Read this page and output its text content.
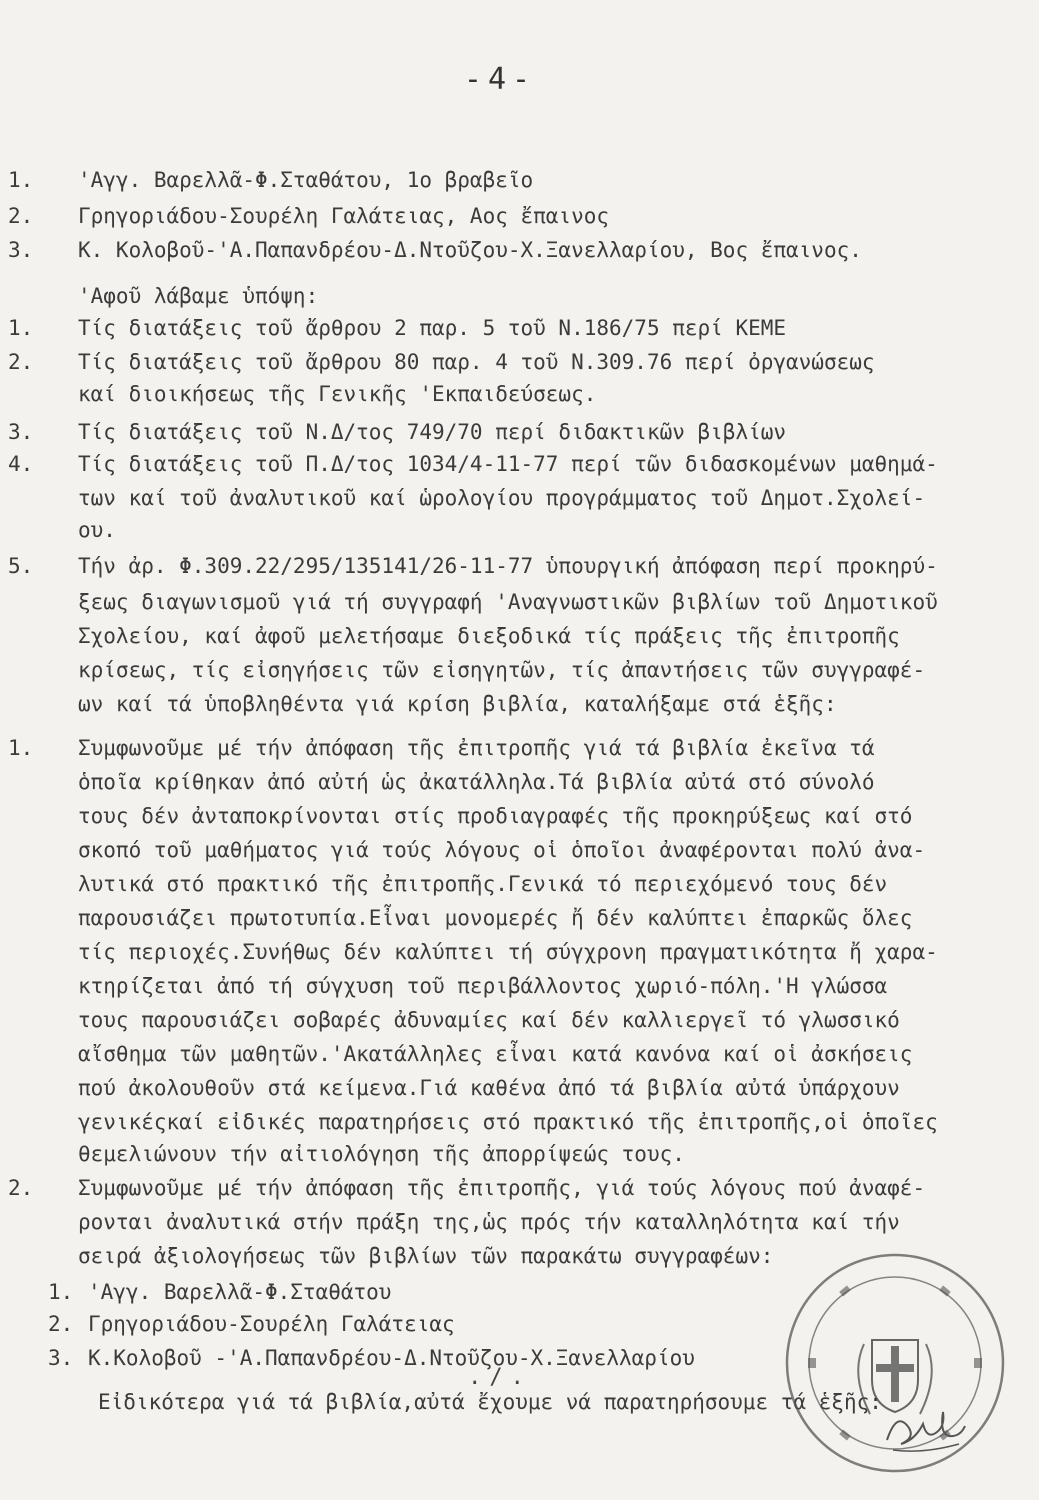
-4-
1. 'Αγγ. Βαρελλᾶ-Φ.Σταθάτου, 1ο βραβεῖο
2. Γρηγοριάδου-Σουρέλη Γαλάτειας, Αος ἔπαινος
3. Κ. Κολοβοῦ-'Α.Παπανδρέου-Δ.Ντοῦζου-Χ.Ξανελλαρίου, Βος ἔπαινος.
'Αφοῦ λάβαμε ὑπόψη:
1. Τίς διατάξεις τοῦ ἄρθρου 2 παρ. 5 τοῦ Ν.186/75 περί ΚΕΜΕ
2. Τίς διατάξεις τοῦ ἄρθρου 80 παρ. 4 τοῦ Ν.309.76 περί ὀργανώσεως
καί διοικήσεως τῆς Γενικῆς 'Εκπαιδεύσεως.
3. Τίς διατάξεις τοῦ Ν.Δ/τος 749/70 περί διδακτικῶν βιβλίων
4. Τίς διατάξεις τοῦ Π.Δ/τος 1034/4-11-77 περί τῶν διδασκομένων μαθημά-
των καί τοῦ ἀναλυτικοῦ καί ὡρολογίου προγράμματος τοῦ Δημοτ.Σχολεί-
ου.
5. Τήν ἀρ. Φ.309.22/295/135141/26-11-77 ὑπουργική ἀπόφαση περί προκηρύ-
ξεως διαγωνισμοῦ γιά τή συγγραφή 'Αναγνωστικῶν βιβλίων τοῦ Δημοτικοῦ
Σχολείου, καί ἀφοῦ μελετήσαμε διεξοδικά τίς πράξεις τῆς ἐπιτροπῆς
κρίσεως, τίς εἰσηγήσεις τῶν εἰσηγητῶν, τίς ἀπαντήσεις τῶν συγγραφέ-
ων καί τά ὑποβληθέντα γιά κρίση βιβλία, καταλήξαμε στά ἑξῆς:
1. Συμφωνοῦμε μέ τήν ἀπόφαση τῆς ἐπιτροπῆς γιά τά βιβλία ἐκεῖνα τά
ὁποῖα κρίθηκαν ἀπό αὐτή ὡς ἀκατάλληλα.Τά βιβλία αὐτά στό σύνολό
τους δέν ἀνταποκρίνονται στίς προδιαγραφές τῆς προκηρύξεως καί στό
σκοπό τοῦ μαθήματος γιά τούς λόγους οἱ ὁποῖοι ἀναφέρονται πολύ ἀνα-
λυτικά στό πρακτικό τῆς ἐπιτροπῆς.Γενικά τό περιεχόμενό τους δέν
παρουσιάζει πρωτοτυπία.Εἶναι μονομερές ἤ δέν καλύπτει ἐπαρκῶς ὅλες
τίς περιοχές.Συνήθως δέν καλύπτει τή σύγχρονη πραγματικότητα ἤ χαρα-
κτηρίζεται ἀπό τή σύγχυση τοῦ περιβάλλοντος χωριό-πόλη.'Η γλώσσα
τους παρουσιάζει σοβαρές ἀδυναμίες καί δέν καλλιεργεῖ τό γλωσσικό
αἴσθημα τῶν μαθητῶν.'Ακατάλληλες εἶναι κατά κανόνα καί οἱ ἀσκήσεις
πού ἀκολουθοῦν στά κείμενα.Γιά καθένα ἀπό τά βιβλία αὐτά ὑπάρχουν
γενικέςκαί εἰδικές παρατηρήσεις στό πρακτικό τῆς ἐπιτροπῆς,οἱ ὁποῖες
θεμελιώνουν τήν αἰτιολόγηση τῆς ἀπορρίψεώς τους.
2. Συμφωνοῦμε μέ τήν ἀπόφαση τῆς ἐπιτροπῆς, γιά τούς λόγους πού ἀναφέ-
ρονται ἀναλυτικά στήν πράξη της,ὡς πρός τήν καταλληλότητα καί τήν
σειρά ἀξιολογήσεως τῶν βιβλίων τῶν παρακάτω συγγραφέων:
1. 'Αγγ. Βαρελλᾶ-Φ.Σταθάτου
2. Γρηγοριάδου-Σουρέλη Γαλάτειας
3. Κ.Κολοβοῦ -'Α.Παπανδρέου-Δ.Ντοῦζου-Χ.Ξανελλαρίου
Εἰδικότερα γιά τά βιβλία,αὐτά ἔχουμε νά παρατηρήσουμε τά ἑξῆς:
./.
